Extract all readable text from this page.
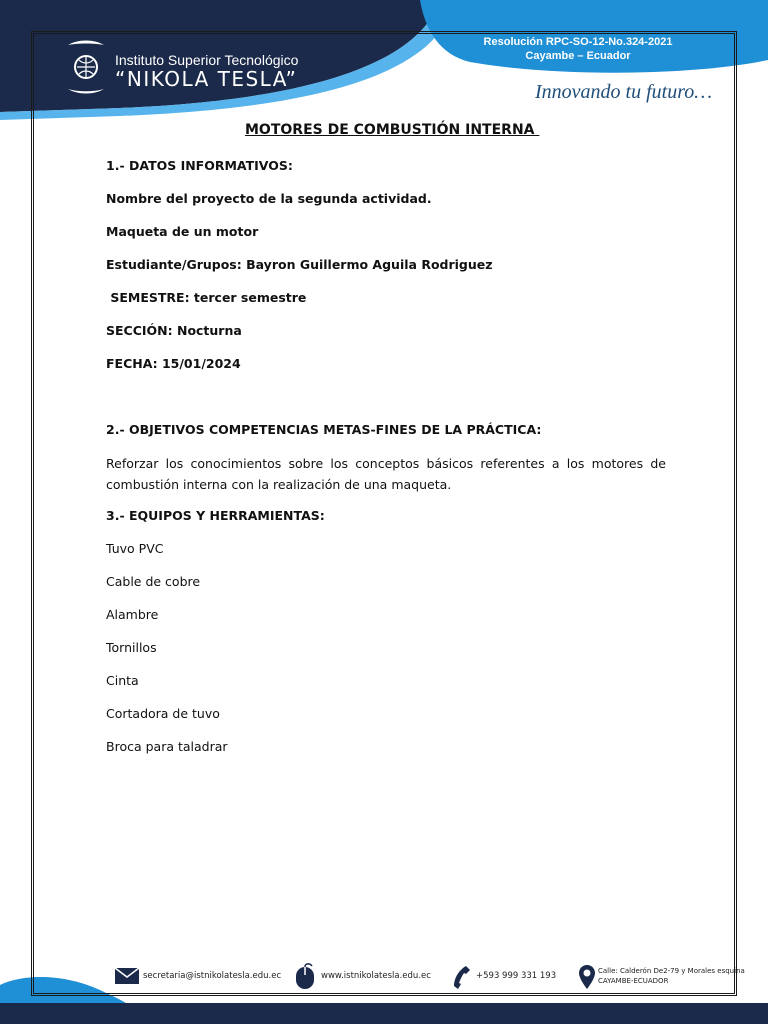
Instituto Superior Tecnológico
“NIKOLA TESLA”
Resolución RPC-SO-12-No.324-2021
Cayambe – Ecuador
Innovando tu futuro…
MOTORES DE COMBUSTIÓN INTERNA
1.- DATOS INFORMATIVOS:
Nombre del proyecto de la segunda actividad.
Maqueta de un motor
Estudiante/Grupos: Bayron Guillermo Aguila Rodriguez
SEMESTRE: tercer semestre
SECCIÓN: Nocturna
FECHA: 15/01/2024
2.- OBJETIVOS COMPETENCIAS METAS-FINES DE LA PRÁCTICA:
Reforzar los conocimientos sobre los conceptos básicos referentes a los motores de combustión interna con la realización de una maqueta.
3.- EQUIPOS Y HERRAMIENTAS:
Tuvo PVC
Cable de cobre
Alambre
Tornillos
Cinta
Cortadora de tuvo
Broca para taladrar
secretaria@istnikolatesla.edu.ec	www.istnikolatesla.edu.ec	+593 999 331 193	Calle: Calderón De2-79 y Morales esquina
CAYAMBE-ECUADOR
